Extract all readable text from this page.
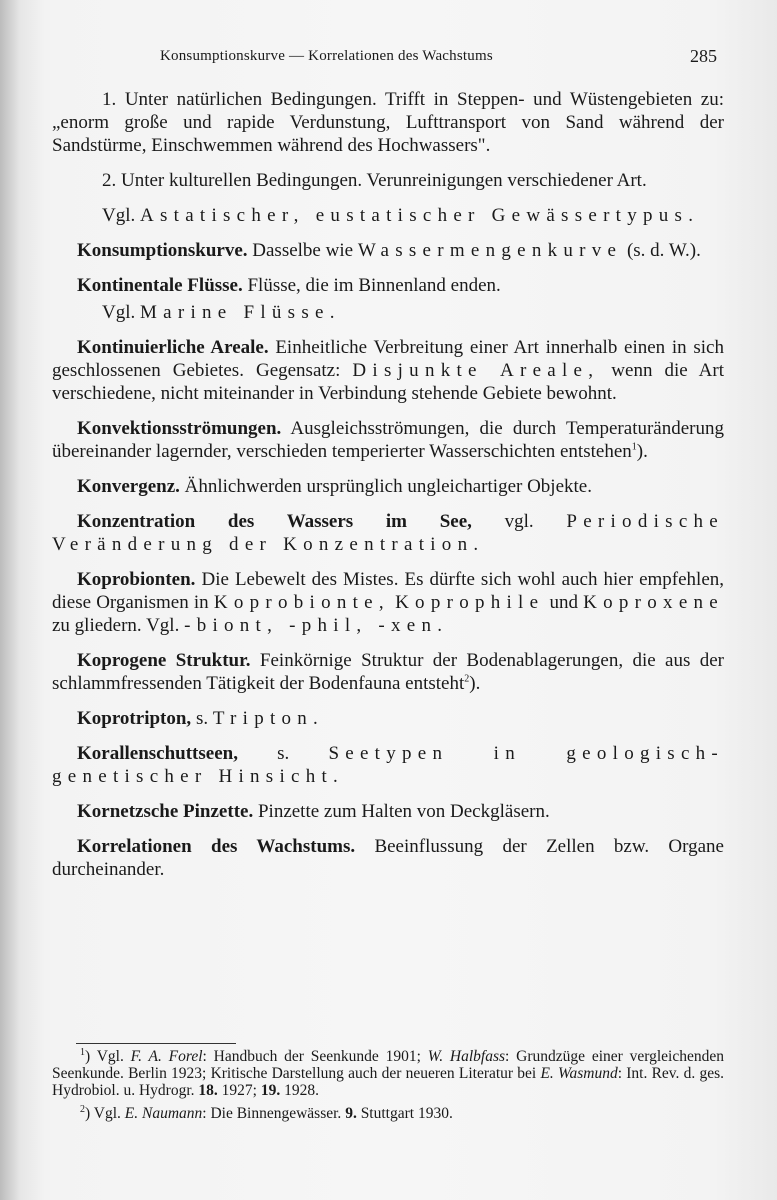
Konsumptionskurve — Korrelationen des Wachstums	285

1. Unter natürlichen Bedingungen. Trifft in Steppen- und Wüstengebieten zu: „enorm große und rapide Verdunstung, Lufttransport von Sand während der Sandstürme, Einschwemmen während des Hochwassers".

2. Unter kulturellen Bedingungen. Verunreinigungen verschiedener Art.

Vgl. Astatischer, eustatischer Gewässertypus.

Konsumptionskurve. Dasselbe wie Wassermengenkurve (s. d. W.).

Kontinentale Flüsse. Flüsse, die im Binnenland enden.

Vgl. Marine Flüsse.

Kontinuierliche Areale. Einheitliche Verbreitung einer Art innerhalb einen in sich geschlossenen Gebietes. Gegensatz: Disjunkte Areale, wenn die Art verschiedene, nicht miteinander in Verbindung stehende Gebiete bewohnt.

Konvektionsströmungen. Ausgleichsströmungen, die durch Temperaturänderung übereinander lagernder, verschieden temperierter Wasserschichten entstehen$^1$).

Konvergenz. Ähnlichwerden ursprünglich ungleichartiger Objekte.

Konzentration des Wassers im See, vgl. Periodische Veränderung der Konzentration.

Koprobionten. Die Lebewelt des Mistes. Es dürfte sich wohl auch hier empfehlen, diese Organismen in Koprobionte, Koprophile und Koproxene zu gliedern. Vgl. -biont, -phil, -xen.

Koprogene Struktur. Feinkörnige Struktur der Bodenablagerungen, die aus der schlammfressenden Tätigkeit der Bodenfauna entsteht$^2$).

Koprotripton, s. Tripton.

Korallenschuttseen, s. Seetypen in geologisch-genetischer Hinsicht.

Kornetzsche Pinzette. Pinzette zum Halten von Deckgläsern.

Korrelationen des Wachstums. Beeinflussung der Zellen bzw. Organe durcheinander.

$^1$) Vgl. F. A. Forel: Handbuch der Seenkunde 1901; W. Halbfass: Grundzüge einer vergleichenden Seenkunde. Berlin 1923; Kritische Darstellung auch der neueren Literatur bei E. Wasmund: Int. Rev. d. ges. Hydrobiol. u. Hydrogr. 18. 1927; 19. 1928.

$^2$) Vgl. E. Naumann: Die Binnengewässer. 9. Stuttgart 1930.
